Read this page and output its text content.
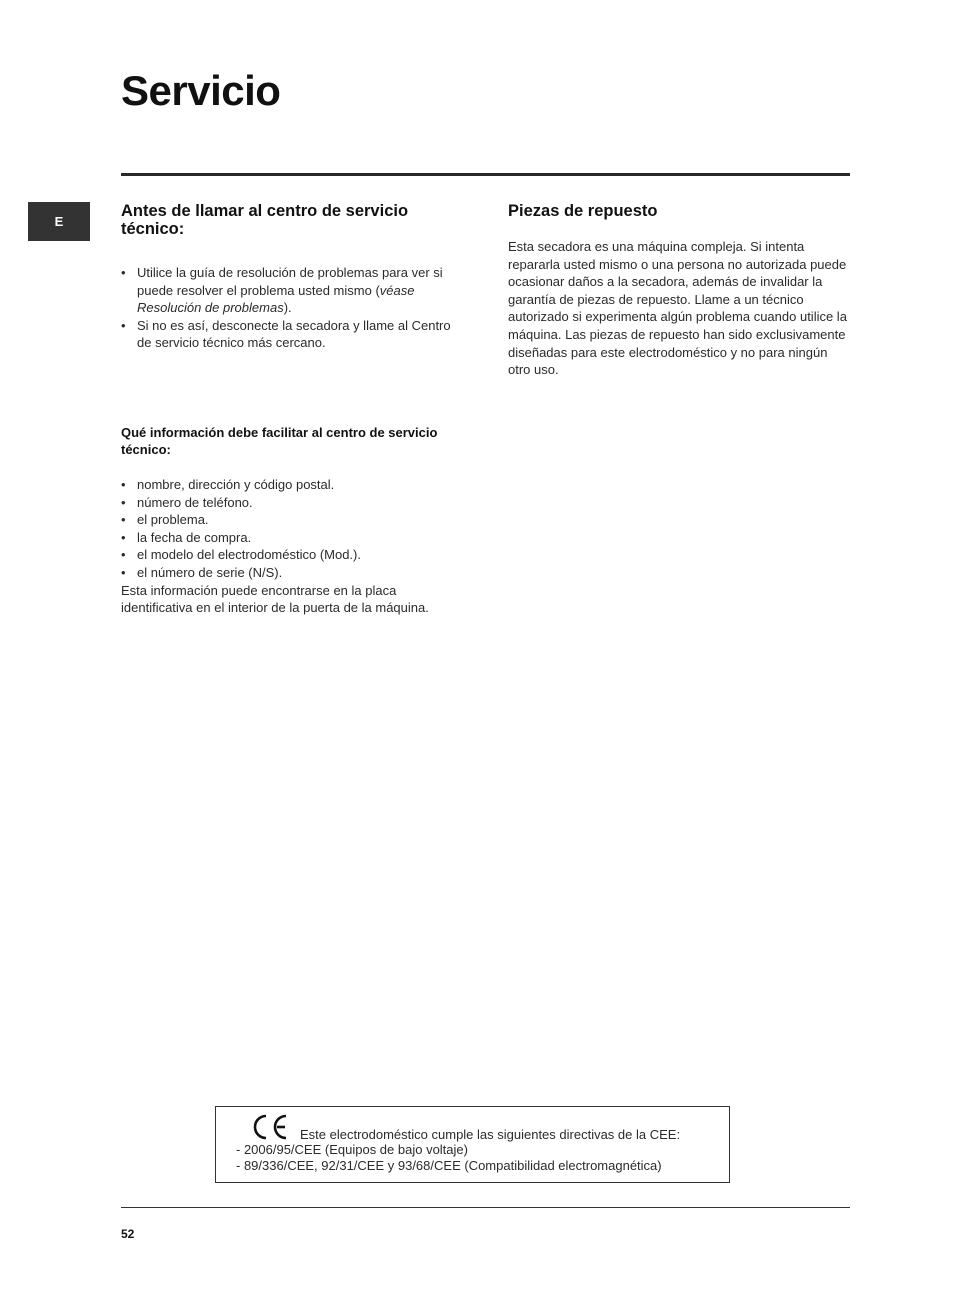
Servicio
E
Antes de llamar al centro de servicio técnico:
• Utilice la guía de resolución de problemas para ver si puede resolver el problema usted mismo (véase Resolución de problemas).
• Si no es así, desconecte la secadora y llame al Centro de servicio técnico más cercano.
Qué información debe facilitar al centro de servicio técnico:
• nombre, dirección y código postal.
• número de teléfono.
• el problema.
• la fecha de compra.
• el modelo del electrodoméstico (Mod.).
• el número de serie (N/S).

Esta información puede encontrarse en la placa identificativa en el interior de la puerta de la máquina.

Piezas de repuesto

Esta secadora es una máquina compleja. Si intenta repararla usted mismo o una persona no autorizada puede ocasionar daños a la secadora, además de invalidar la garantía de piezas de repuesto. Llame a un técnico autorizado si experimenta algún problema cuando utilice la máquina. Las piezas de repuesto han sido exclusivamente diseñadas para este electrodoméstico y no para ningún otro uso.

Este electrodoméstico cumple las siguientes directivas de la CEE:
- 2006/95/CEE (Equipos de bajo voltaje)
- 89/336/CEE, 92/31/CEE y 93/68/CEE (Compatibilidad electromagnética)
52
